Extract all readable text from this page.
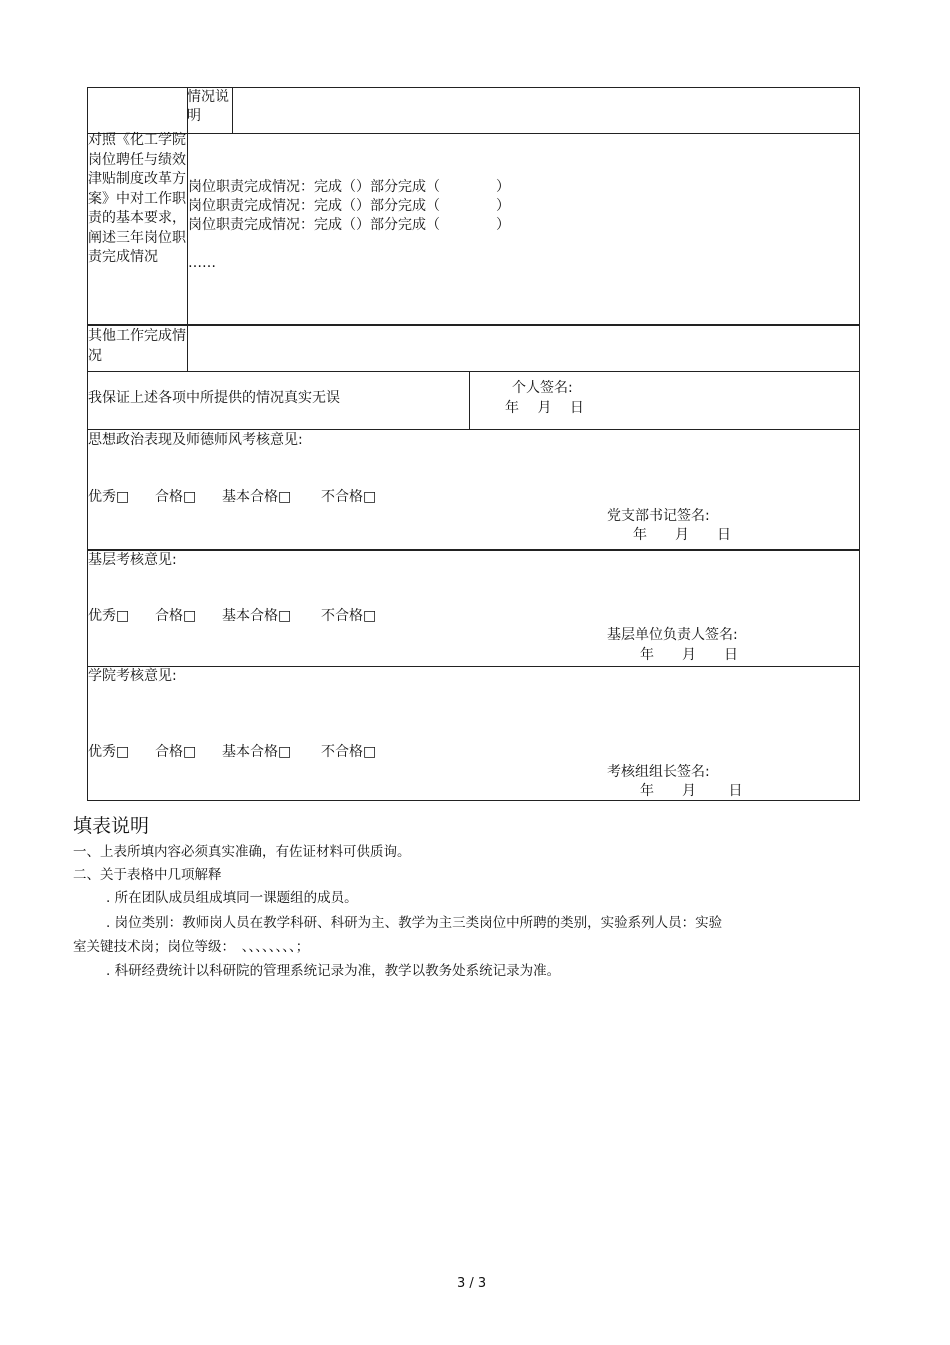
情况说明
对照《化工学院岗位聘任与绩效津贴制度改革方案》中对工作职责的基本要求，阐述三年岗位职责完成情况
岗位职责完成情况：完成（）部分完成（　　　　）
岗位职责完成情况：完成（）部分完成（　　　　）
岗位职责完成情况：完成（）部分完成（　　　　）
……
其他工作完成情况
我保证上述各项中所提供的情况真实无误
个人签名:
年　 月　 日
思想政治表现及师德师风考核意见:
优秀□ 合格□ 基本合格□ 不合格□
党支部书记签名:
年　　月　　日
基层考核意见:
优秀□ 合格□ 基本合格□ 不合格□
基层单位负责人签名:
年　　月　　日
学院考核意见:
优秀□ 合格□ 基本合格□ 不合格□
考核组组长签名:
年　　月　　 日
填表说明
一、上表所填内容必须真实准确，有佐证材料可供质询。
二、关于表格中几项解释
. 所在团队成员组成填同一课题组的成员。
. 岗位类别：教师岗人员在教学科研、科研为主、教学为主三类岗位中所聘的类别，实验系列人员：实验
室关键技术岗；岗位等级：　、、、、、、、、；
. 科研经费统计以科研院的管理系统记录为准，教学以教务处系统记录为准。
3 / 3
